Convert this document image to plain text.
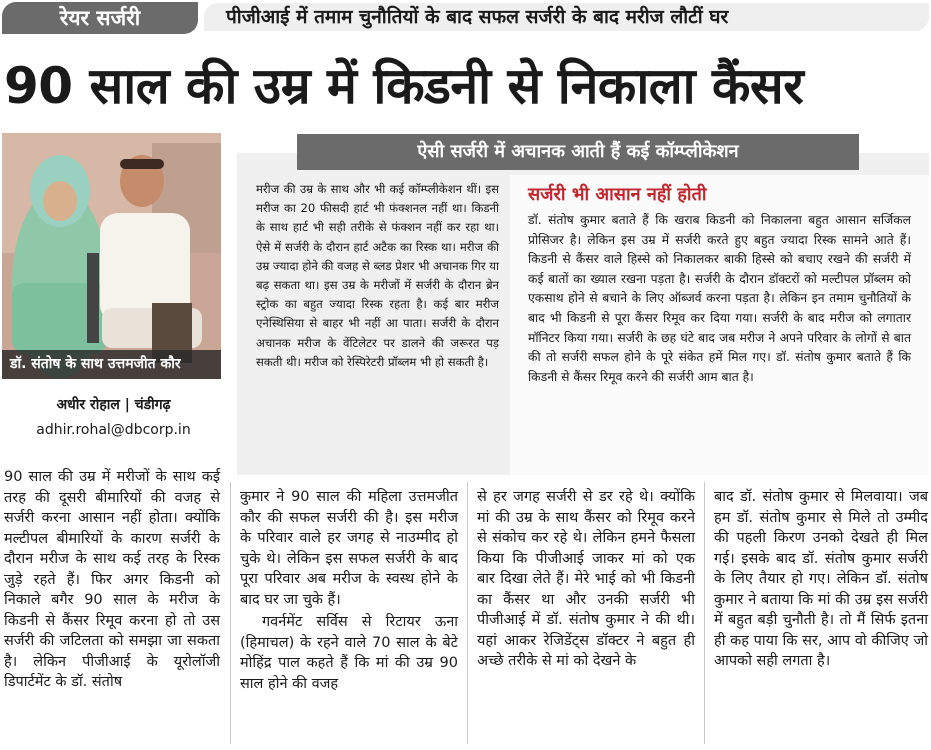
रेयर सर्जरी	पीजीआई में तमाम चुनौतियों के बाद सफल सर्जरी के बाद मरीज लौटीं घर
90 साल की उम्र में किडनी से निकाला कैंसर
डॉ. संतोष के साथ उत्तमजीत कौर
अधीर रोहाल | चंडीगढ़
adhir.rohal@dbcorp.in
ऐसी सर्जरी में अचानक आती हैं कई कॉम्प्लीकेशन
मरीज की उम्र के साथ और भी कई कॉम्प्लीकेशन थीं। इस मरीज का 20 फीसदी हार्ट भी फंक्शनल नहीं था। किडनी के साथ हार्ट भी सही तरीके से फंक्शन नहीं कर रहा था। ऐसे में सर्जरी के दौरान हार्ट अटैक का रिस्क था। मरीज की उम्र ज्यादा होने की वजह से ब्लड प्रेशर भी अचानक गिर या बढ़ सकता था। इस उम्र के मरीजों में सर्जरी के दौरान ब्रेन स्ट्रोक का बहुत ज्यादा रिस्क रहता है। कई बार मरीज एनेस्थिसिया से बाहर भी नहीं आ पाता। सर्जरी के दौरान अचानक मरीज के वेंटिलेटर पर डालने की जरूरत पड़ सकती थी। मरीज को रेस्पिरेटरी प्रॉब्लम भी हो सकती है।
सर्जरी भी आसान नहीं होती
डॉ. संतोष कुमार बताते हैं कि खराब किडनी को निकालना बहुत आसान सर्जिकल प्रोसिजर है। लेकिन इस उम्र में सर्जरी करते हुए बहुत ज्यादा रिस्क सामने आते हैं। किडनी से कैंसर वाले हिस्से को निकालकर बाकी हिस्से को बचाए रखने की सर्जरी में कई बातों का ख्याल रखना पड़ता है। सर्जरी के दौरान डॉक्टरों को मल्टीपल प्रॉब्लम को एकसाथ होने से बचाने के लिए ऑब्जर्व करना पड़ता है। लेकिन इन तमाम चुनौतियों के बाद भी किडनी से पूरा कैंसर रिमूव कर दिया गया। सर्जरी के बाद मरीज को लगातार मॉनिटर किया गया। सर्जरी के छह घंटे बाद जब मरीज ने अपने परिवार के लोगों से बात की तो सर्जरी सफल होने के पूरे संकेत हमें मिल गए। डॉ. संतोष कुमार बताते हैं कि किडनी से कैंसर रिमूव करने की सर्जरी आम बात है।

90 साल की उम्र में मरीजों के साथ कई तरह की दूसरी बीमारियों की वजह से सर्जरी करना आसान नहीं होता। क्योंकि मल्टीपल बीमारियों के कारण सर्जरी के दौरान मरीज के साथ कई तरह के रिस्क जुड़े रहते हैं। फिर अगर किडनी को निकाले बगैर 90 साल के मरीज के किडनी से कैंसर रिमूव करना हो तो उस सर्जरी की जटिलता को समझा जा सकता है। लेकिन पीजीआई के यूरोलॉजी डिपार्टमेंट के डॉ. संतोष

कुमार ने 90 साल की महिला उत्तमजीत कौर की सफल सर्जरी की है। इस मरीज के परिवार वाले हर जगह से नाउम्मीद हो चुके थे। लेकिन इस सफल सर्जरी के बाद पूरा परिवार अब मरीज के स्वस्थ होने के बाद घर जा चुके हैं।

गवर्नमेंट सर्विस से रिटायर ऊना (हिमाचल) के रहने वाले 70 साल के बेटे मोहिंद्र पाल कहते हैं कि मां की उम्र 90 साल होने की वजह

से हर जगह सर्जरी से डर रहे थे। क्योंकि मां की उम्र के साथ कैंसर को रिमूव करने से संकोच कर रहे थे। लेकिन हमने फैसला किया कि पीजीआई जाकर मां को एक बार दिखा लेते हैं। मेरे भाई को भी किडनी का कैंसर था और उनकी सर्जरी भी पीजीआई में डॉ. संतोष कुमार ने की थी। यहां आकर रेजिडेंट्स डॉक्टर ने बहुत ही अच्छे तरीके से मां को देखने के

बाद डॉ. संतोष कुमार से मिलवाया। जब हम डॉ. संतोष कुमार से मिले तो उम्मीद की पहली किरण उनको देखते ही मिल गई। इसके बाद डॉ. संतोष कुमार सर्जरी के लिए तैयार हो गए। लेकिन डॉ. संतोष कुमार ने बताया कि मां की उम्र इस सर्जरी में बहुत बड़ी चुनौती है। तो मैं सिर्फ इतना ही कह पाया कि सर, आप वो कीजिए जो आपको सही लगता है।
